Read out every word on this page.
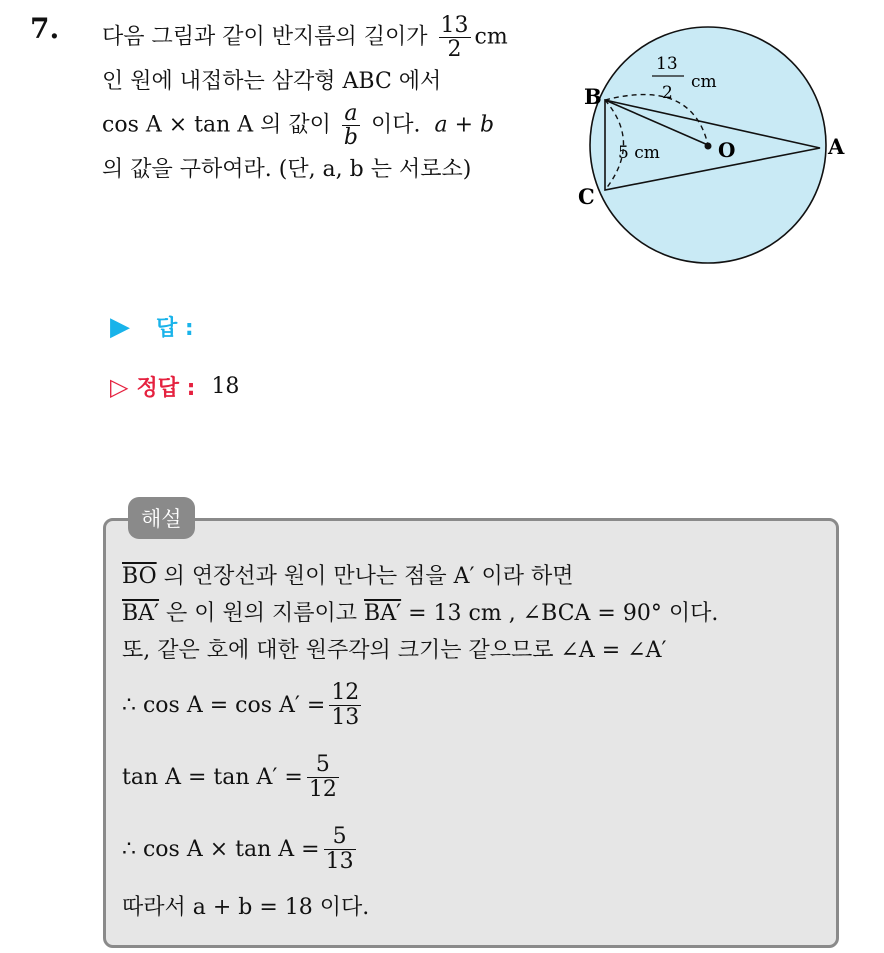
7. 다음 그림과 같이 반지름의 길이가 $\frac{13}{2}$ cm
인 원에 내접하는 삼각형 ABC 에서
cos A × tan A 의 값이 $\frac{a}{b}$ 이다. a + b
의 값을 구하여라. (단, a, b 는 서로소)
B
A
C
O
13
2
cm
5 cm
▶ 답 :
▷ 정답 : 18
해설
$\overline{BO}$ 의 연장선과 원이 만나는 점을 A′ 이라 하면
BA′ 은 이 원의 지름이고 BA′ = 13 cm , ∠BCA = 90° 이다.
또, 같은 호에 대한 원주각의 크기는 같으므로 ∠A = ∠A′
∴ $\cos A = \cos A' = \frac{12}{13}$
$\tan A = \tan A' = \frac{5}{12}$
∴ $\cos A \times \tan A = \frac{5}{13}$
따라서 a + b = 18 이다.
